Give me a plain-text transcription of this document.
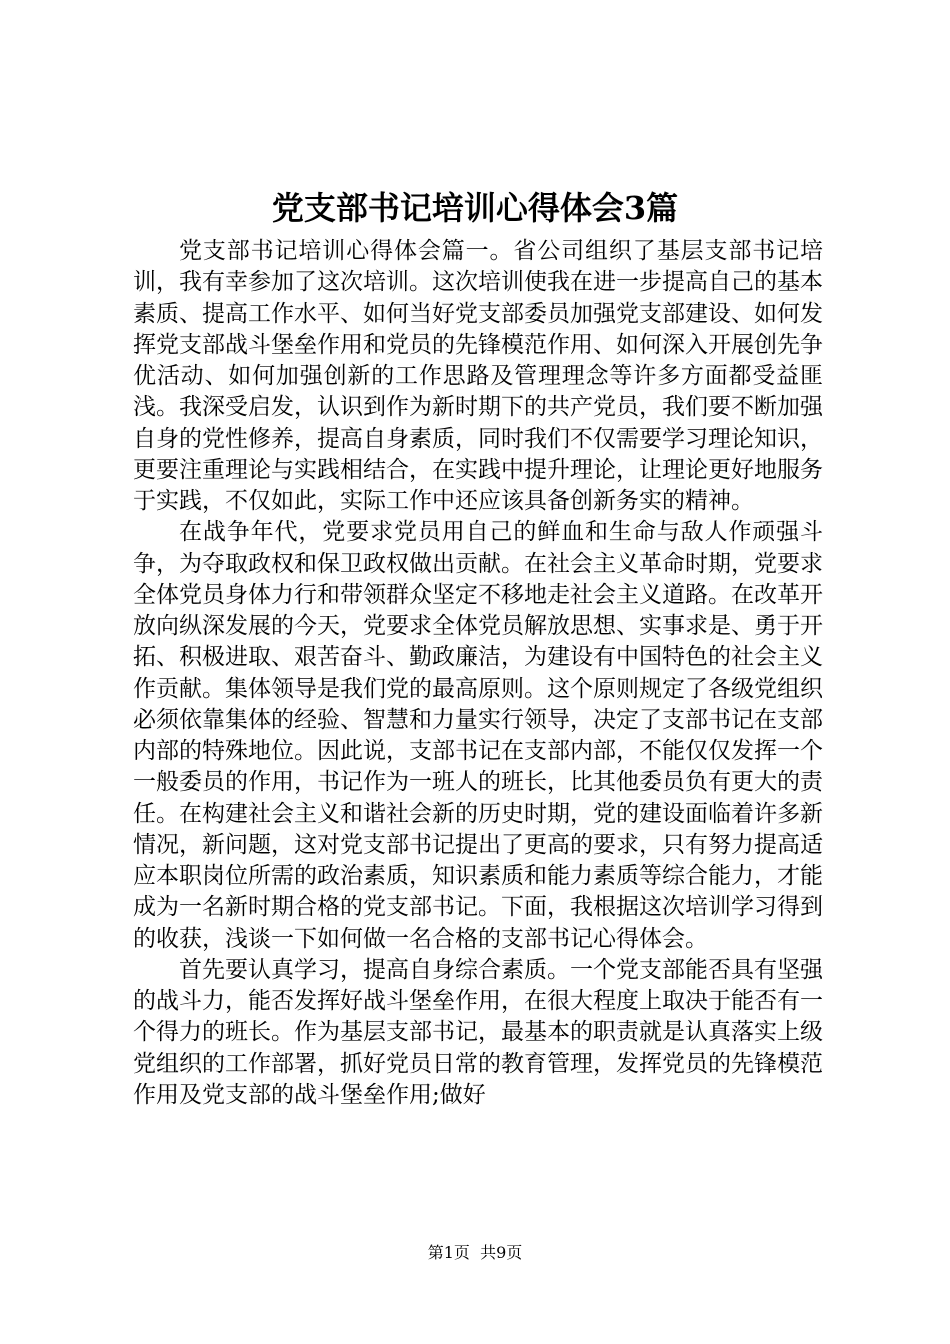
党支部书记培训心得体会3篇

党支部书记培训心得体会篇一。省公司组织了基层支部书记培训，我有幸参加了这次培训。这次培训使我在进一步提高自己的基本素质、提高工作水平、如何当好党支部委员加强党支部建设、如何发挥党支部战斗堡垒作用和党员的先锋模范作用、如何深入开展创先争优活动、如何加强创新的工作思路及管理理念等许多方面都受益匪浅。我深受启发，认识到作为新时期下的共产党员，我们要不断加强自身的党性修养，提高自身素质，同时我们不仅需要学习理论知识，更要注重理论与实践相结合，在实践中提升理论，让理论更好地服务于实践，不仅如此，实际工作中还应该具备创新务实的精神。

在战争年代，党要求党员用自己的鲜血和生命与敌人作顽强斗争，为夺取政权和保卫政权做出贡献。在社会主义革命时期，党要求全体党员身体力行和带领群众坚定不移地走社会主义道路。在改革开放向纵深发展的今天，党要求全体党员解放思想、实事求是、勇于开拓、积极进取、艰苦奋斗、勤政廉洁，为建设有中国特色的社会主义作贡献。集体领导是我们党的最高原则。这个原则规定了各级党组织必须依靠集体的经验、智慧和力量实行领导，决定了支部书记在支部内部的特殊地位。因此说，支部书记在支部内部，不能仅仅发挥一个一般委员的作用，书记作为一班人的班长，比其他委员负有更大的责任。在构建社会主义和谐社会新的历史时期，党的建设面临着许多新情况，新问题，这对党支部书记提出了更高的要求，只有努力提高适应本职岗位所需的政治素质，知识素质和能力素质等综合能力，才能成为一名新时期合格的党支部书记。下面，我根据这次培训学习得到的收获，浅谈一下如何做一名合格的支部书记心得体会。

首先要认真学习，提高自身综合素质。一个党支部能否具有坚强的战斗力，能否发挥好战斗堡垒作用，在很大程度上取决于能否有一个得力的班长。作为基层支部书记，最基本的职责就是认真落实上级党组织的工作部署，抓好党员日常的教育管理，发挥党员的先锋模范作用及党支部的战斗堡垒作用;做好

第1页 共9页
